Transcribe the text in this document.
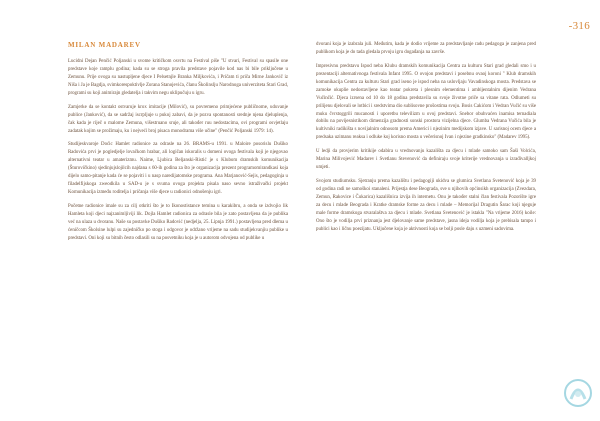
-316
MILAN MADAREV

Lucidni Dejan Penčić Poljanski u svome kritičkom osvrtu na Festival piše "U stvari, Festival su spasile one predstave koje ramplu godina; kada su se stroga pravila predstave pojavile kod nas bi bile priključene u Zemunu. Prije ovoga su nastupljene djece I Pelsetnjle Branka Miljkovića, i Pričam ti priča Mirne Jankovič iz Niša i Ja je Bagdja, svimkorespoktivlje Zorana Stanojevića, članu Školinslju Narodnoga univerziteta Stari Grad, programi su koji animirajn gledatelja i takvim negu uklipučuju u igru.

Zamjerke da se kontakt ostvaruje krox imitacije (Milović), su povremeno primjećene publičnome, uduvanje publice (Janković), da se sadržaj iscrpljuje u pukoj zabavi, da je pozva spontanosti srednje njena djeluplenja, čak kada je riječ o malome Zemuna, višestruano sruje, ali također ruu nedostacima, ovi programi osvjetlaju zadatak kojim se prožimaju, ku i nejveći broj pisaca monodrama više učine" (Penčić Poljanski 1979: 14).

Studijeskvaroje Doćic Hamlet radionice za odrasle na 26. BRAMS-u 1991. u Maloire posorislu Dušiko Radovića prvi je pogledjelje lovačkom hrabar, ali logičan iskoralis u domeni ovoga festivala koji je njegovao alternativni teatar u amaterizmu. Naime, Ljubica Beljanski-Ristić je s Klubom dramskih komunikacija (Šturovičkino) sjedinjujslojilcih najdana s 60-ih godina za što je organizacija prezent programomirandkasi koja dijelo samo-pitanje kada će se pojaviti i u nasp naredijatomske programa. Ana Marjanović-Sejis, pedagoginja u filadelfijskoga zweodkila u SAD-u je s svuma ovoga projekta pisala naso sevno istraživački projekt Komunikacija između roditelja i pričanja više djece u radionici odnošenju igri.

Početne radionice imale su za cilj otkriti što je to Ikonostistance temina u karakibru, a onda se izdvojio lik Hamleta koji djeci najzanimljiviji lik. Dojla Hamlet radionica za odrasle bila je zato postavljena da je publika već na ulaza u dvoranu. Naše su postavke Dušiko Radović (nedjelja, 25. Lipnja 1991.) postavljena pred dlema u ćeničcom Školsine lulpi su zajedničko po stoga i odgovor je održano vrijeme na sadu studijekvanjiu publike u predstavi. Oni koji su bitnih često odlasili su na posvetniku koja je u autorom odvojena od publike u

dvorani koja je izabrala juli. Međutim, kada je dodio vrijeme za predstavljanje radu pedagoga je zanjena pred publikom koja je do tada gledala prvoju igru događanja na završe.

Impresivnu predstavu Ispod neba Klubu dramskih komunikacija Centra za kulturu Stari grad gledali smo i u prezentaciji alternativnoga festivala Infant 1995. O ovojon predstavi i posebnu ovaoj koroni " Klub dramskih komunikacija Centra za kulturu Stari grad iseno je ispod neba na uslovljaju Vavadinskoga mosta. Predstava se zamoke okuplie nedostavljene kao teatar pokreta i plesnim elementima i ambijentalnim dijenim Vedrana Vučinčić. Djeca izrsena od 10 do 18 godina predstavila su svoje životne priče sa vitane rata. Odlumeti su prilijenu djelovali se lotbici i sredstvima dio sublisovne prošostima svoju. Bosis Cakićom i Vedran Vučić su više muku čvrstoggrili mucanosti i uporetbu televilizm u ovoj predstavi. Snebor obuhvaćen inamisa ternadiala dobilu na povijesnistikom dimenzija gradnosti sonski prostora vizijelna djece. Glumba Vedrana Vučića bila je kultivniki radikišta s novijalnim odnosom prema Americi i njezinim medijskom izjave. U sarisnoj ocem djece a predsaka uzimanu reaksa i odluke koj korisno mosta u večerisnoj Ivan i njezine gradkinsko" (Madarev 1995).

U ledji da provjerim kritikije odabira u vrednovanju kazališta za djecu i mlade samoko sam Šaši Volcića, Marina Milivojević Madarev i Svetlanu Stevenović da definiraju svoje kriterije vrednovanja u izrađivalljkoj umjeti.

Svojom studiumsku. Sjetranju prema kazalištu i pedagogiji ukidva se glumica Svetlana Svetenović koja je 39 od godina radi ne samoškoi stanaleni. Prijestja dese Beograda, sve u njihovih općinsikh organizacija (Zvezdara, Zemun, Rakovice i Čukarica) kazališnica izvija ih internetu. Onu je također stalni član festivala Pozorište igre za decu i mlade Beograda i Kratke dramske forme za decu i mlade – Memorijal Dragutin Šarac koji njeguje male forme dramskoga stvaralaštva za djecu i mlade. Svetlana Svetenović je istakla "Na vrijeme 2016) koile: Ono što je vodilja prvi priznanja jest djelovanje same predstave, jasna ideja vodilja koja je prebisala tampo i publici kao i ličnu poezijatu. Uključene koja je aktivnosti koja se bolji posle daju s uzmeni sadovima.
